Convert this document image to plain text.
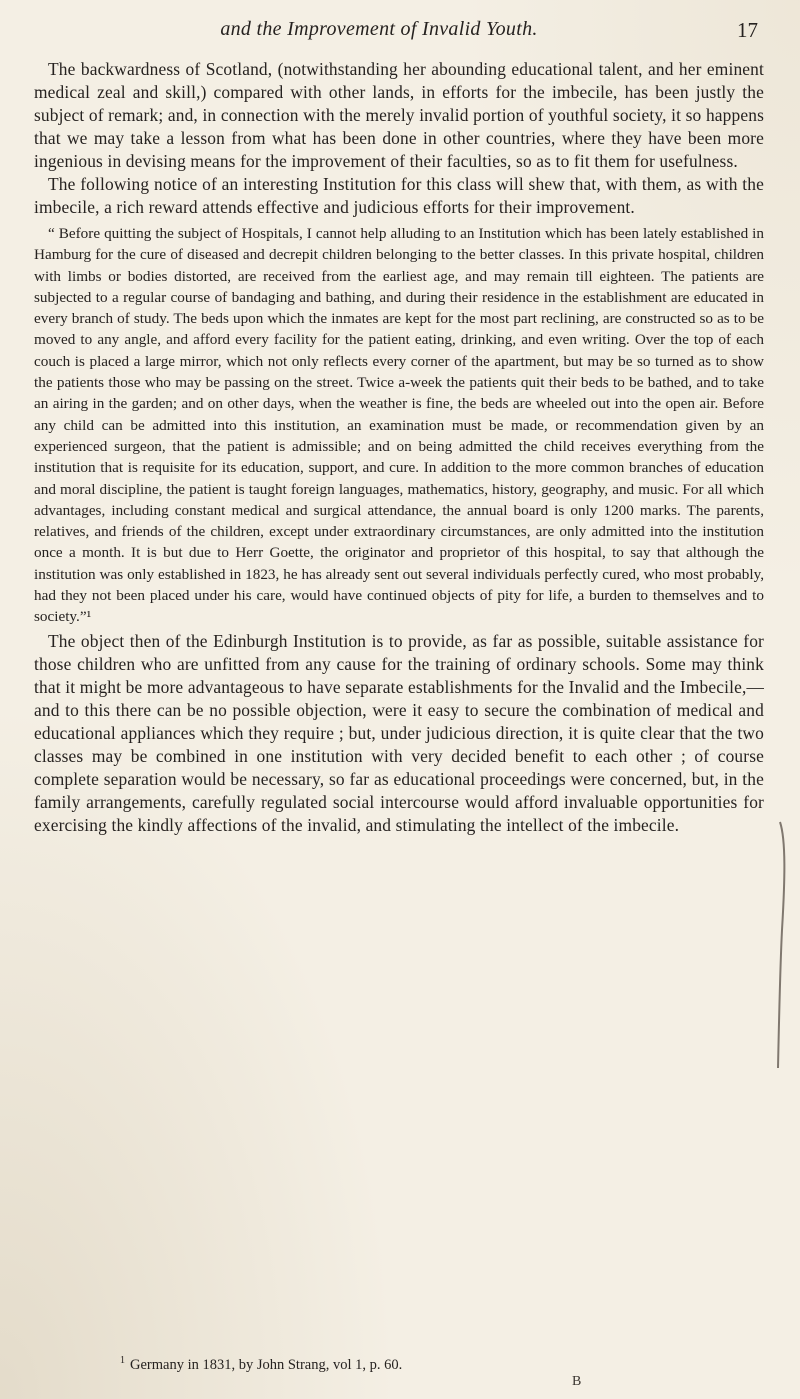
and the Improvement of Invalid Youth.	17

The backwardness of Scotland, (notwithstanding her abounding educational talent, and her eminent medical zeal and skill,) compared with other lands, in efforts for the imbecile, has been justly the subject of remark; and, in connection with the merely invalid portion of youthful society, it so happens that we may take a lesson from what has been done in other countries, where they have been more ingenious in devising means for the improvement of their faculties, so as to fit them for usefulness.

The following notice of an interesting Institution for this class will shew that, with them, as with the imbecile, a rich reward attends effective and judicious efforts for their improvement.

“ Before quitting the subject of Hospitals, I cannot help alluding to an Institution which has been lately established in Hamburg for the cure of diseased and decrepit children belonging to the better classes. In this private hospital, children with limbs or bodies distorted, are received from the earliest age, and may remain till eighteen. The patients are subjected to a regular course of bandaging and bathing, and during their residence in the establishment are educated in every branch of study. The beds upon which the inmates are kept for the most part reclining, are constructed so as to be moved to any angle, and afford every facility for the patient eating, drinking, and even writing. Over the top of each couch is placed a large mirror, which not only reflects every corner of the apartment, but may be so turned as to show the patients those who may be passing on the street. Twice a-week the patients quit their beds to be bathed, and to take an airing in the garden; and on other days, when the weather is fine, the beds are wheeled out into the open air. Before any child can be admitted into this institution, an examination must be made, or recommendation given by an experienced surgeon, that the patient is admissible; and on being admitted the child receives everything from the institution that is requisite for its education, support, and cure. In addition to the more common branches of education and moral discipline, the patient is taught foreign languages, mathematics, history, geography, and music. For all which advantages, including constant medical and surgical attendance, the annual board is only 1200 marks. The parents, relatives, and friends of the children, except under extraordinary circumstances, are only admitted into the institution once a month. It is but due to Herr Goette, the originator and proprietor of this hospital, to say that although the institution was only established in 1823, he has already sent out several individuals perfectly cured, who most probably, had they not been placed under his care, would have continued objects of pity for life, a burden to themselves and to society.”¹

The object then of the Edinburgh Institution is to provide, as far as possible, suitable assistance for those children who are unfitted from any cause for the training of ordinary schools. Some may think that it might be more advantageous to have separate establishments for the Invalid and the Imbecile,—and to this there can be no possible objection, were it easy to secure the combination of medical and educational appliances which they require ; but, under judicious direction, it is quite clear that the two classes may be combined in one institution with very decided benefit to each other ; of course complete separation would be necessary, so far as educational proceedings were concerned, but, in the family arrangements, carefully regulated social intercourse would afford invaluable opportunities for exercising the kindly affections of the invalid, and stimulating the intellect of the imbecile.

$^1$ Germany in 1831, by John Strang, vol 1, p. 60.
B
